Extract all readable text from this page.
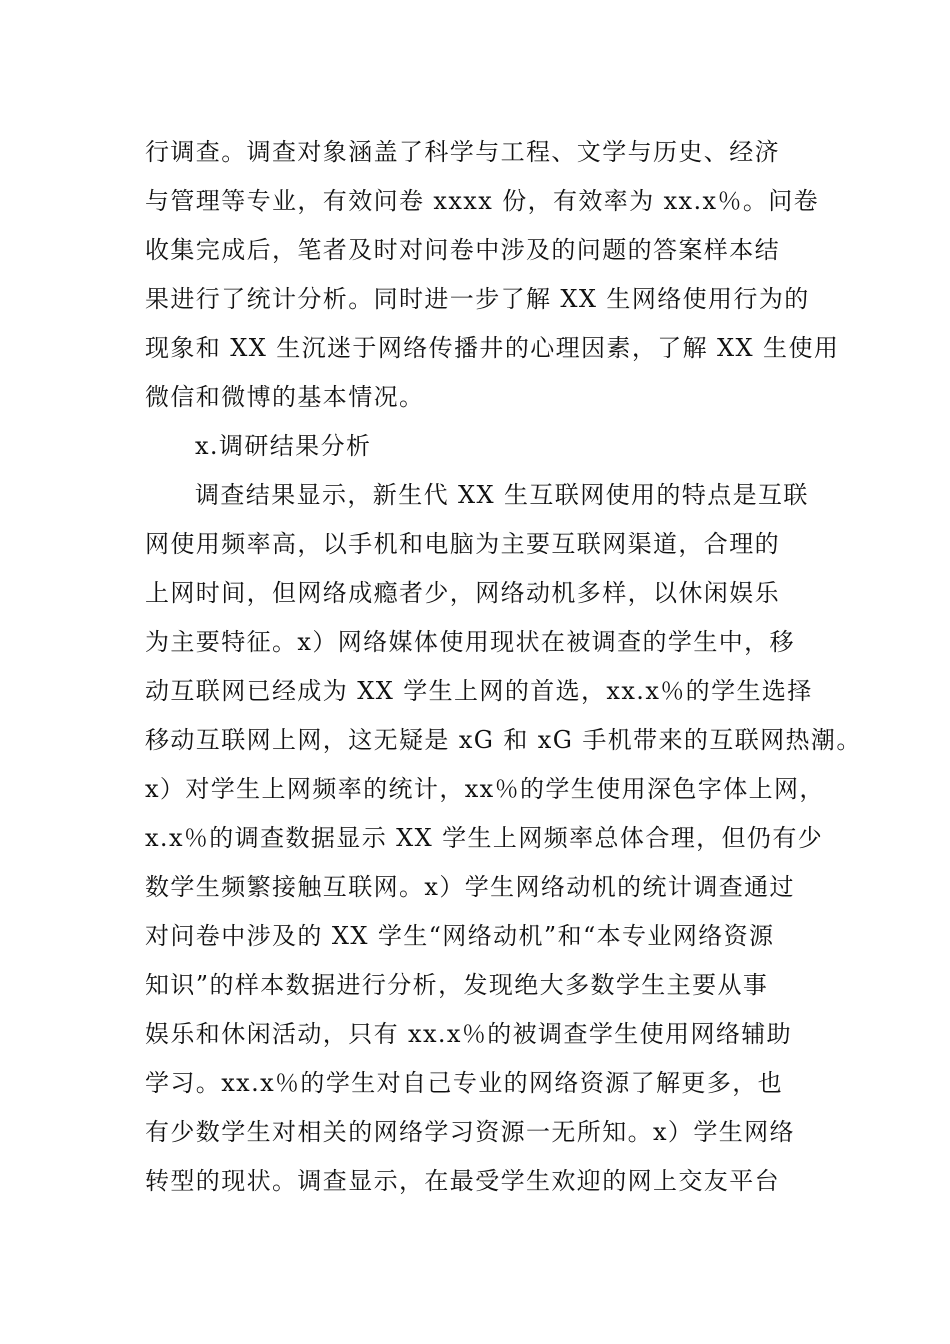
行调查。调查对象涵盖了科学与工程、文学与历史、经济
与管理等专业，有效问卷 xxxx 份，有效率为 xx.x％。问卷
收集完成后，笔者及时对问卷中涉及的问题的答案样本结
果进行了统计分析。同时进一步了解 XX 生网络使用行为的
现象和 XX 生沉迷于网络传播井的心理因素，了解 XX 生使用
微信和微博的基本情况。
x.调研结果分析
调查结果显示，新生代 XX 生互联网使用的特点是互联
网使用频率高，以手机和电脑为主要互联网渠道，合理的
上网时间，但网络成瘾者少，网络动机多样，以休闲娱乐
为主要特征。x）网络媒体使用现状在被调查的学生中，移
动互联网已经成为 XX 学生上网的首选，xx.x％的学生选择
移动互联网上网，这无疑是 xG 和 xG 手机带来的互联网热潮。
x）对学生上网频率的统计，xx％的学生使用深色字体上网，
x.x％的调查数据显示 XX 学生上网频率总体合理，但仍有少
数学生频繁接触互联网。x）学生网络动机的统计调查通过
对问卷中涉及的 XX 学生“网络动机”和“本专业网络资源
知识”的样本数据进行分析，发现绝大多数学生主要从事
娱乐和休闲活动，只有 xx.x％的被调查学生使用网络辅助
学习。xx.x％的学生对自己专业的网络资源了解更多，也
有少数学生对相关的网络学习资源一无所知。x）学生网络
转型的现状。调查显示，在最受学生欢迎的网上交友平台
